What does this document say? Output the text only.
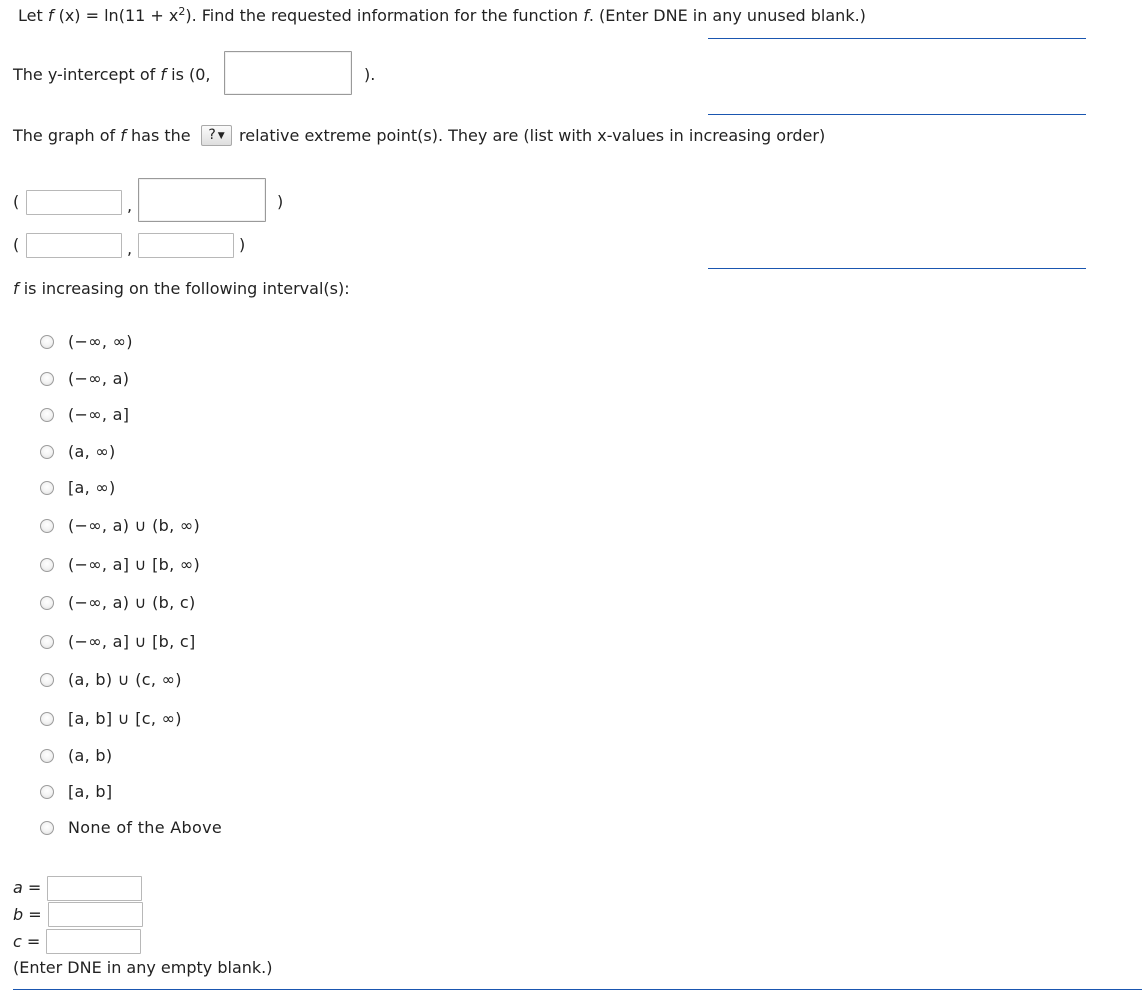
Let f $(x) = \ln(11 + x^2)$. Find the requested information for the function f. (Enter DNE in any unused blank.)
The y-intercept of f is (0,	).
The graph of f has the	? ▼ relative extreme point(s). They are (list with x-values in increasing order)
(	,	)
(	,	)
f is increasing on the following interval(s):
(−∞, ∞)
(−∞, a)
(−∞, a]
(a, ∞)
[a, ∞)
(−∞, a) ∪ (b, ∞)
(−∞, a] ∪ [b, ∞)
(−∞, a) ∪ (b, c)
(−∞, a] ∪ [b, c]
(a, b) ∪ (c, ∞)
[a, b] ∪ [c, ∞)
(a, b)
[a, b]
None of the Above
a =
b =
c =
(Enter DNE in any empty blank.)
